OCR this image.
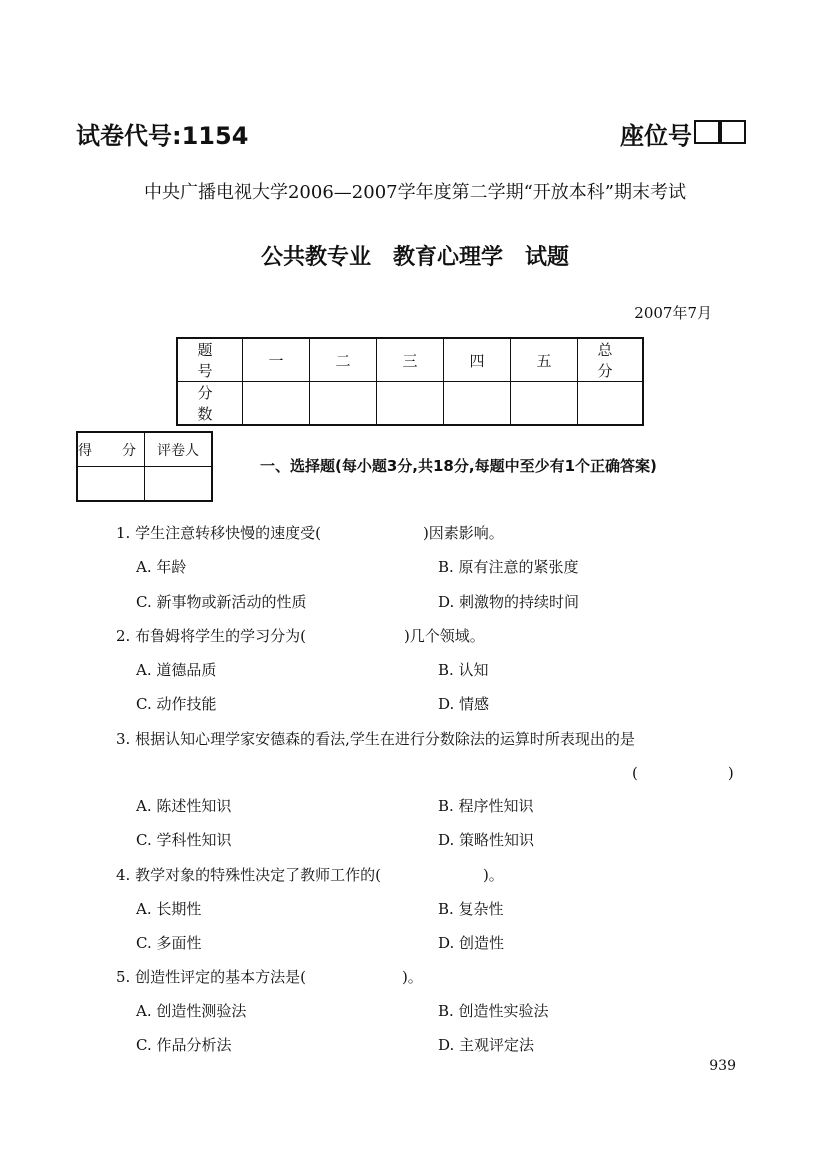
试卷代号:1154	座位号
中央广播电视大学2006—2007学年度第二学期“开放本科”期末考试
公共教专业　教育心理学　试题
2007年7月
题　号	一	二	三	四	五	总　分
分　数						
得　分	评卷人

一、选择题(每小题3分,共18分,每题中至少有1个正确答案)
1. 学生注意转移快慢的速度受(	)因素影响。
A. 年龄	B. 原有注意的紧张度
C. 新事物或新活动的性质	D. 刺激物的持续时间
2. 布鲁姆将学生的学习分为(	)几个领域。
A. 道德品质	B. 认知
C. 动作技能	D. 情感
3. 根据认知心理学家安德森的看法,学生在进行分数除法的运算时所表现出的是
(　　　　　　)
A. 陈述性知识	B. 程序性知识
C. 学科性知识	D. 策略性知识
4. 教学对象的特殊性决定了教师工作的(	)。
A. 长期性	B. 复杂性
C. 多面性	D. 创造性
5. 创造性评定的基本方法是(	)。
A. 创造性测验法	B. 创造性实验法
C. 作品分析法	D. 主观评定法
939
